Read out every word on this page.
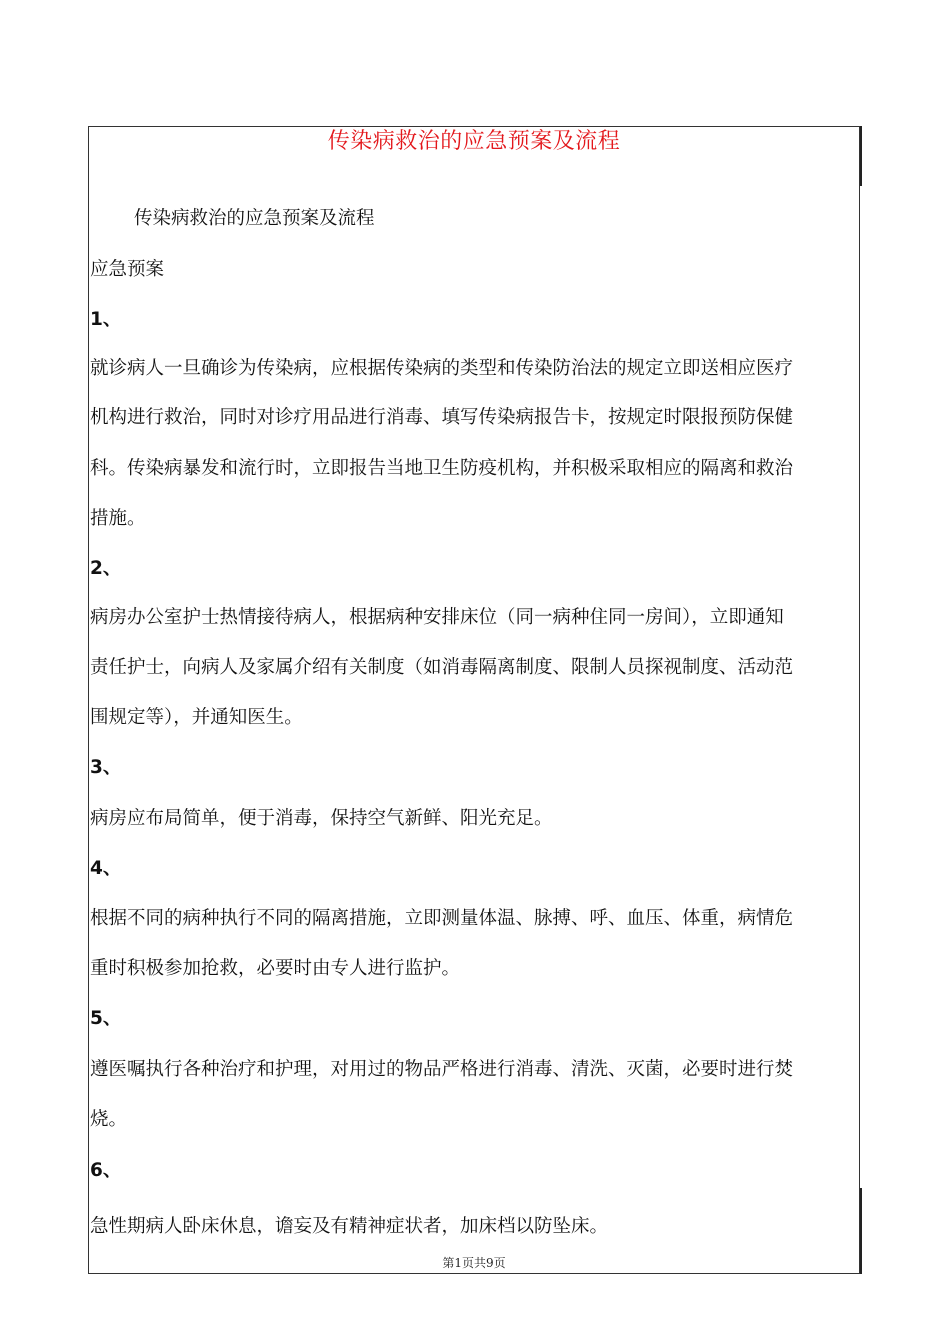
传染病救治的应急预案及流程

传染病救治的应急预案及流程

应急预案

1、

就诊病人一旦确诊为传染病，应根据传染病的类型和传染防治法的规定立即送相应医疗

机构进行救治，同时对诊疗用品进行消毒、填写传染病报告卡，按规定时限报预防保健

科。传染病暴发和流行时，立即报告当地卫生防疫机构，并积极采取相应的隔离和救治

措施。

2、

病房办公室护士热情接待病人，根据病种安排床位（同一病种住同一房间），立即通知

责任护士，向病人及家属介绍有关制度（如消毒隔离制度、限制人员探视制度、活动范

围规定等），并通知医生。

3、

病房应布局简单，便于消毒，保持空气新鲜、阳光充足。

4、

根据不同的病种执行不同的隔离措施，立即测量体温、脉搏、呼、血压、体重，病情危

重时积极参加抢救，必要时由专人进行监护。

5、

遵医嘱执行各种治疗和护理，对用过的物品严格进行消毒、清洗、灭菌，必要时进行焚

烧。

6、

急性期病人卧床休息，谵妄及有精神症状者，加床档以防坠床。

第1页共9页
